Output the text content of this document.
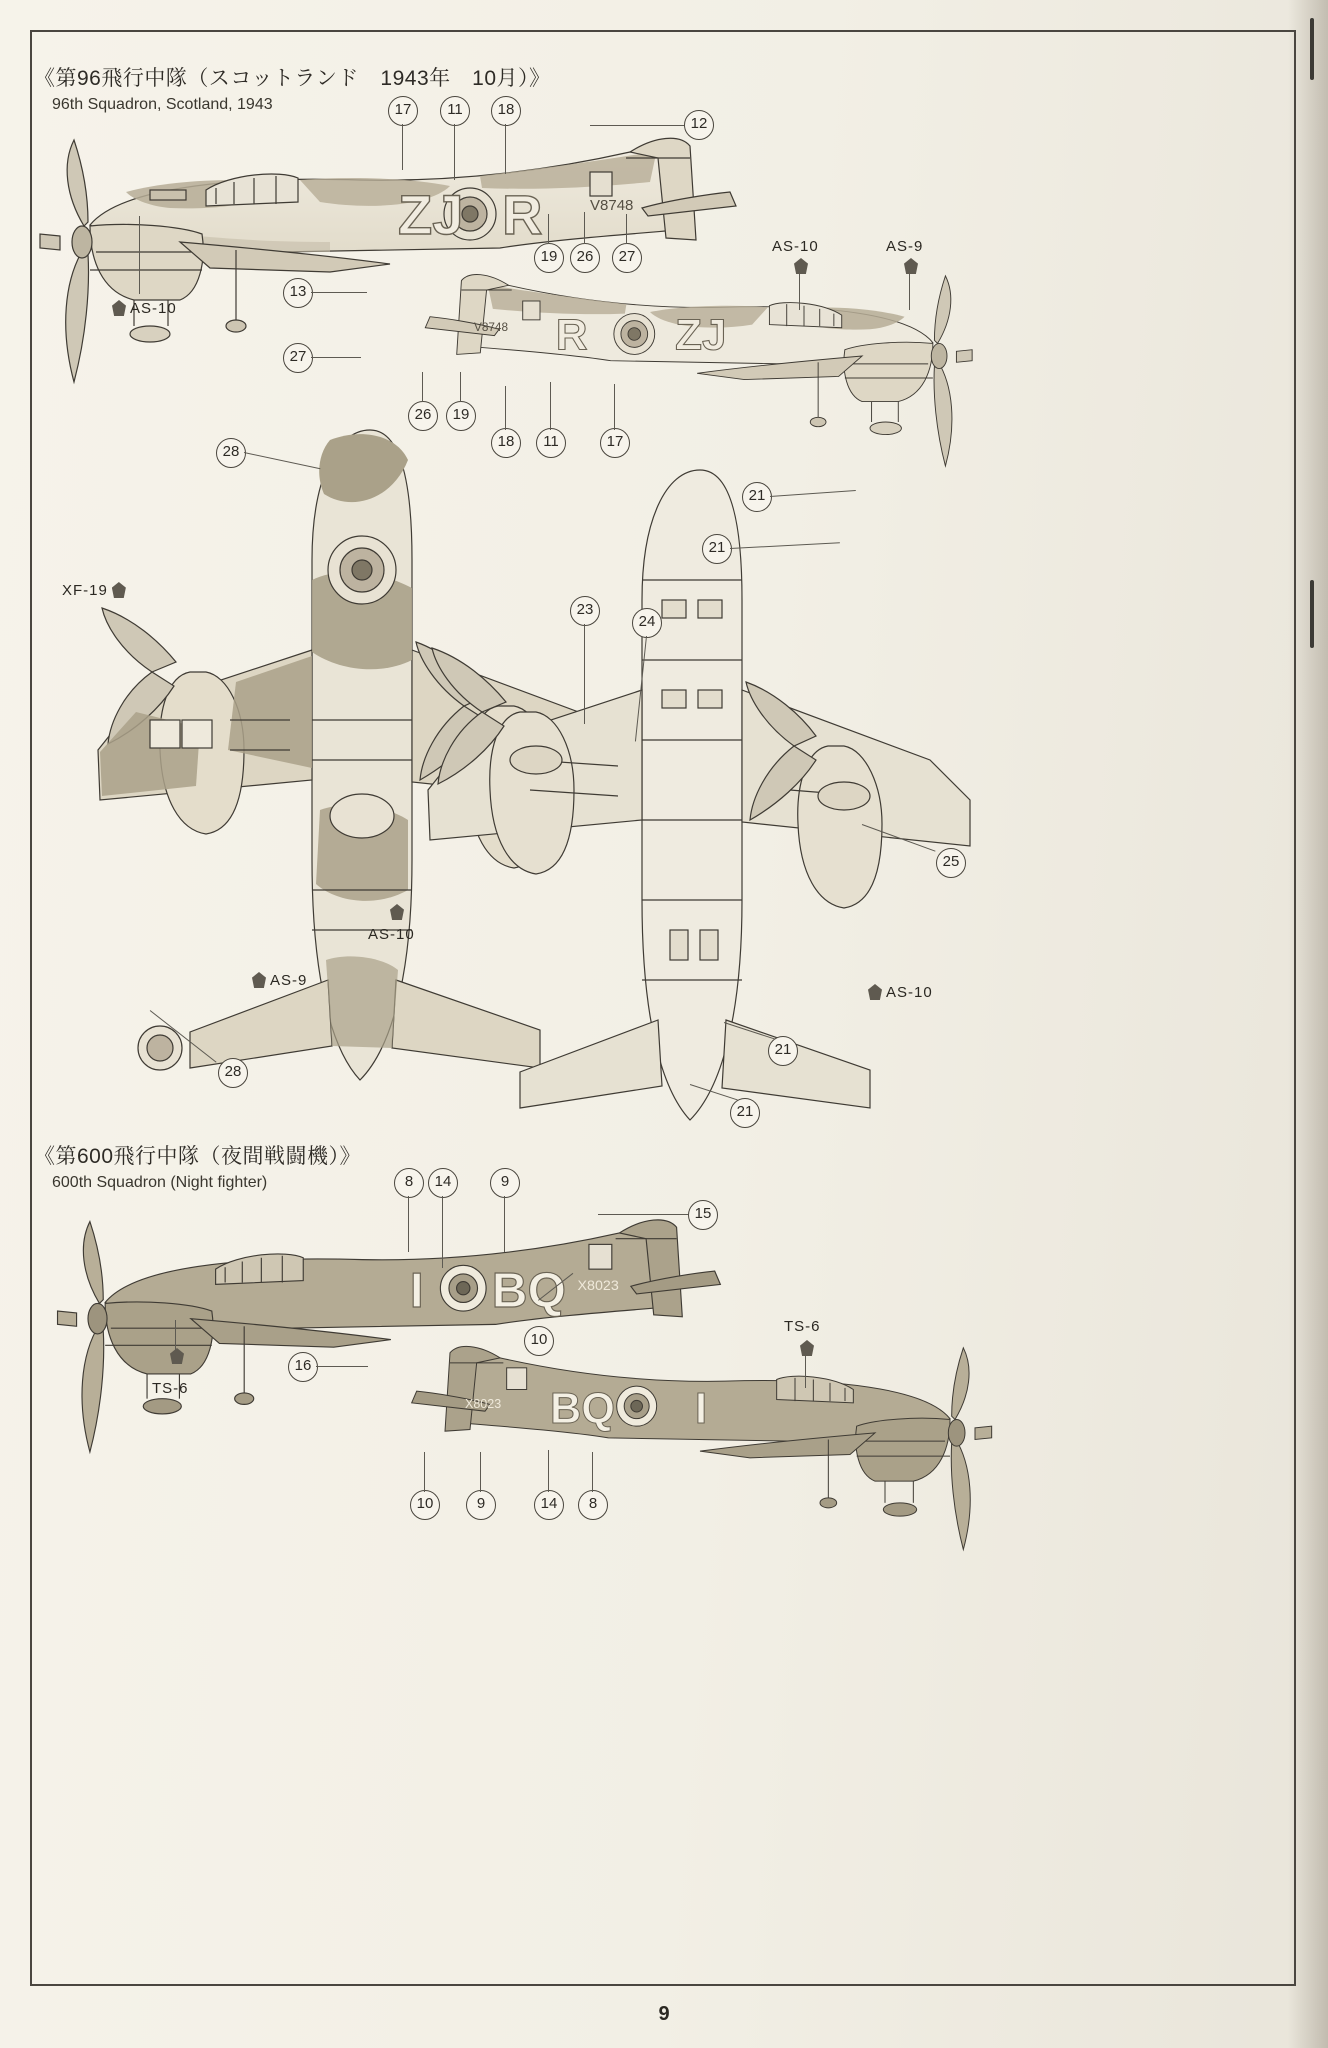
《第96飛行中隊（スコットランド　1943年　10月）》
96th Squadron, Scotland, 1943
ZJ R	V8748
17	11	18
12
19	26	27
AS-10
R ZJ
V8748
13
27
26	19
18	11	17
AS-10	AS-9
28
21
21
23
24
25
21
21
28
XF-19
AS-10
AS-9
AS-10
《第600飛行中隊（夜間戦闘機）》
600th Squadron (Night fighter)
I BQ X8023
8	14	9
15
10
TS-6	BQ I
X8023
16
10	9	14	8
TS-6
9
